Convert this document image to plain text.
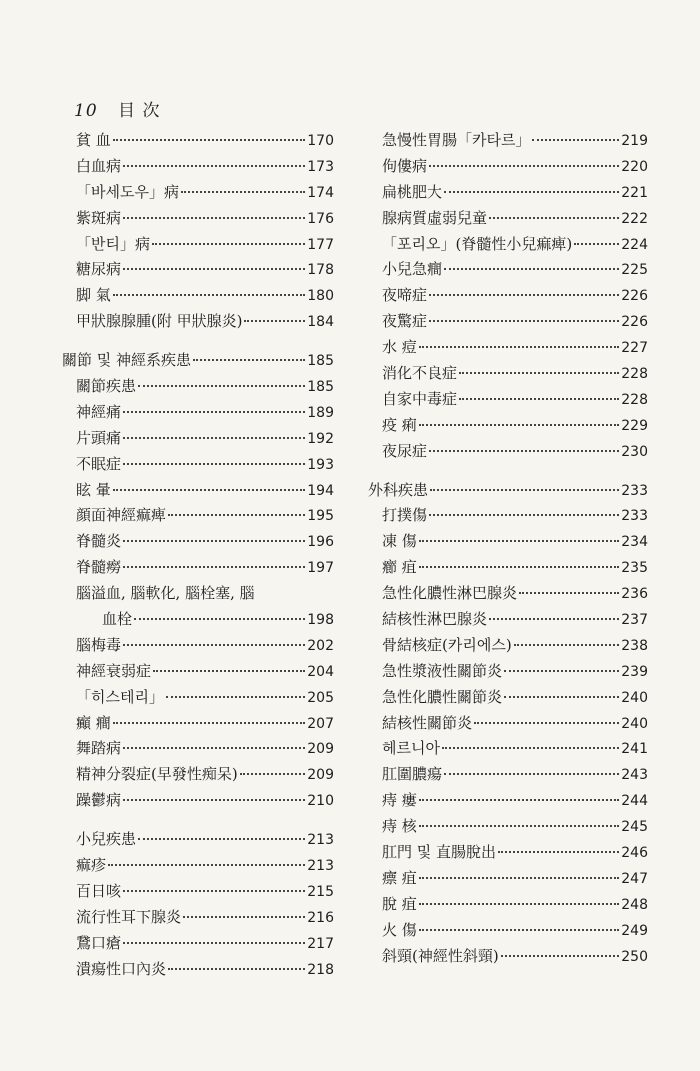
10 目 次
貧 血	170
白血病	173
「바세도우」病	174
紫斑病	176
「반티」病	177
糖尿病	178
脚 氣	180
甲狀腺腺腫(附 甲狀腺炎)	184
關節 및 神經系疾患	185
關節疾患	185
神經痛	189
片頭痛	192
不眠症	193
眩 暈	194
顔面神經痲痺	195
脊髓炎	196
脊髓癆	197
腦溢血, 腦軟化, 腦栓塞, 腦
血栓	198
腦梅毒	202
神經衰弱症	204
「히스테리」	205
癲 癎	207
舞踏病	209
精神分裂症(早發性痴呆)	209
躁鬱病	210
小兒疾患	213
痲疹	213
百日咳	215
流行性耳下腺炎	216
鵞口瘡	217
潰瘍性口內炎	218
急慢性胃腸「카타르」	219
佝僂病	220
扁桃肥大	221
腺病質虛弱兒童	222
「포리오」(脊髓性小兒痲痺)	224
小兒急癎	225
夜啼症	226
夜驚症	226
水 痘	227
消化不良症	228
自家中毒症	228
疫 痢	229
夜尿症	230
外科疾患	233
打撲傷	233
凍 傷	234
癤 疽	235
急性化膿性淋巴腺炎	236
結核性淋巴腺炎	237
骨結核症(카리에스)	238
急性漿液性關節炎	239
急性化膿性關節炎	240
結核性關節炎	240
헤르니아	241
肛圍膿瘍	243
痔 瘻	244
痔 核	245
肛門 및 直腸脫出	246
瘭 疽	247
脫 疽	248
火 傷	249
斜頸(神經性斜頸)	250
